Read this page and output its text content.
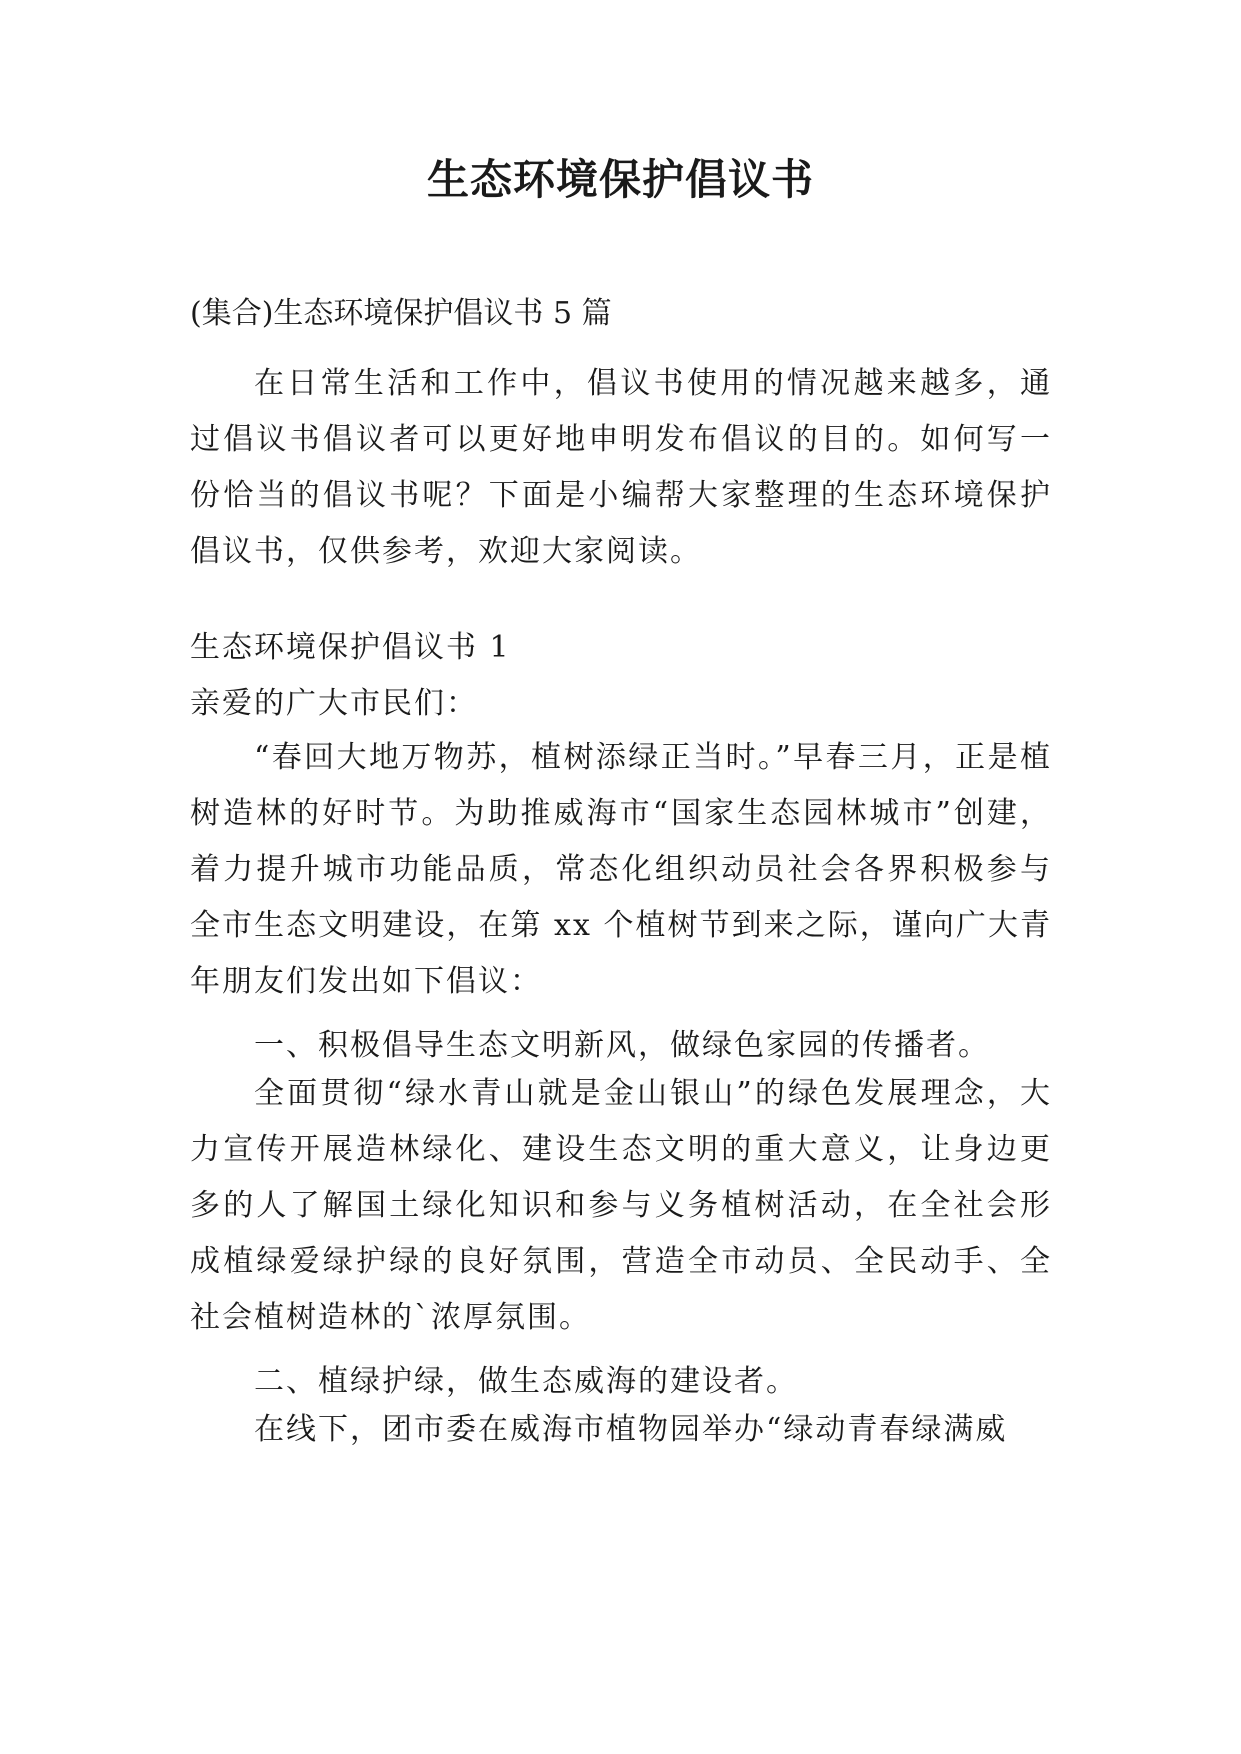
生态环境保护倡议书

(集合)生态环境保护倡议书 5 篇

在日常生活和工作中，倡议书使用的情况越来越多，通过倡议书倡议者可以更好地申明发布倡议的目的。如何写一份恰当的倡议书呢？下面是小编帮大家整理的生态环境保护倡议书，仅供参考，欢迎大家阅读。

生态环境保护倡议书 1

亲爱的广大市民们：

“春回大地万物苏，植树添绿正当时。”早春三月，正是植树造林的好时节。为助推威海市“国家生态园林城市”创建，着力提升城市功能品质，常态化组织动员社会各界积极参与全市生态文明建设，在第 xx 个植树节到来之际，谨向广大青年朋友们发出如下倡议：

一、积极倡导生态文明新风，做绿色家园的传播者。

全面贯彻“绿水青山就是金山银山”的绿色发展理念，大力宣传开展造林绿化、建设生态文明的重大意义，让身边更多的人了解国土绿化知识和参与义务植树活动，在全社会形成植绿爱绿护绿的良好氛围，营造全市动员、全民动手、全社会植树造林的`浓厚氛围。

二、植绿护绿，做生态威海的建设者。

在线下，团市委在威海市植物园举办“绿动青春绿满威
